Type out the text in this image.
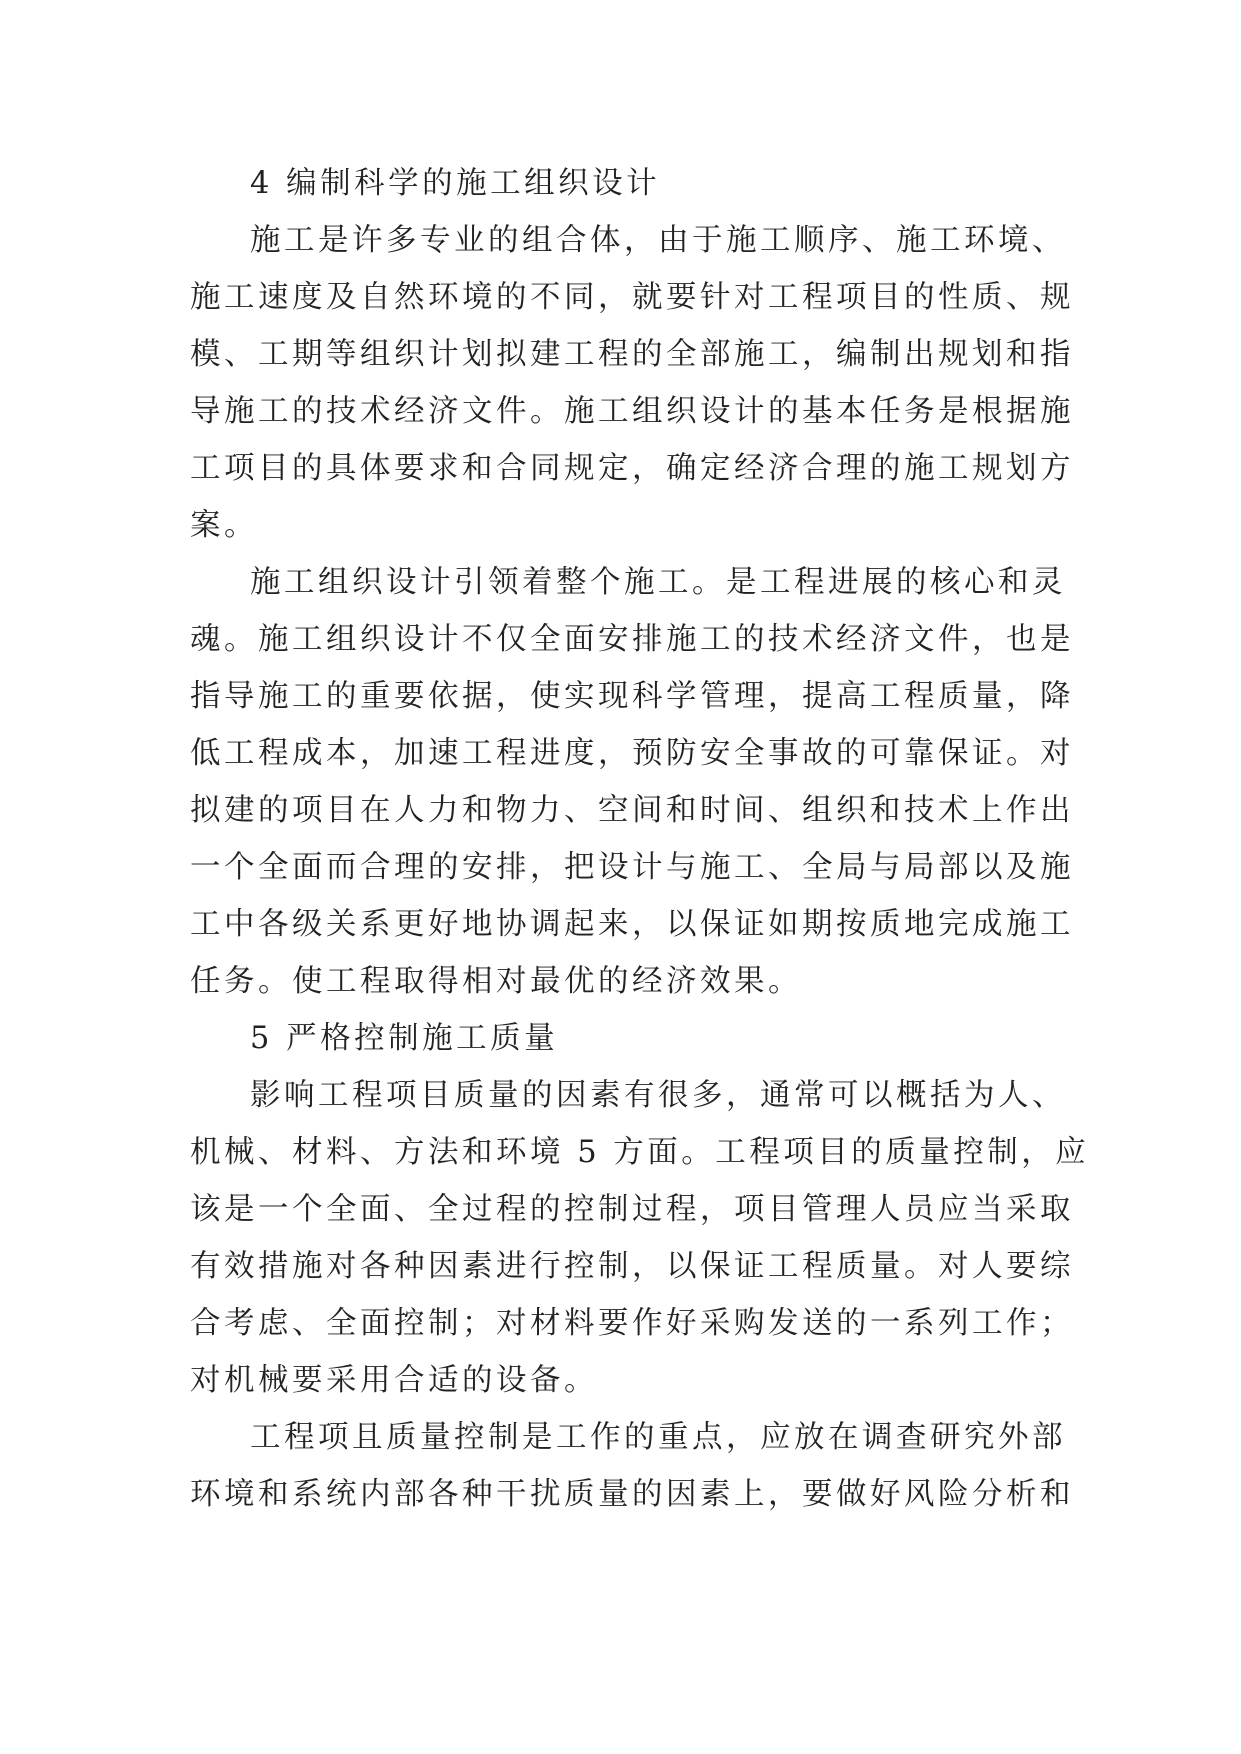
4 编制科学的施工组织设计
施工是许多专业的组合体，由于施工顺序、施工环境、
施工速度及自然环境的不同，就要针对工程项目的性质、规
模、工期等组织计划拟建工程的全部施工，编制出规划和指
导施工的技术经济文件。施工组织设计的基本任务是根据施
工项目的具体要求和合同规定，确定经济合理的施工规划方
案。
施工组织设计引领着整个施工。是工程进展的核心和灵
魂。施工组织设计不仅全面安排施工的技术经济文件，也是
指导施工的重要依据，使实现科学管理，提高工程质量，降
低工程成本，加速工程进度，预防安全事故的可靠保证。对
拟建的项目在人力和物力、空间和时间、组织和技术上作出
一个全面而合理的安排，把设计与施工、全局与局部以及施
工中各级关系更好地协调起来，以保证如期按质地完成施工
任务。使工程取得相对最优的经济效果。
5 严格控制施工质量
影响工程项目质量的因素有很多，通常可以概括为人、
机械、材料、方法和环境 5 方面。工程项目的质量控制，应
该是一个全面、全过程的控制过程，项目管理人员应当采取
有效措施对各种因素进行控制，以保证工程质量。对人要综
合考虑、全面控制；对材料要作好采购发送的一系列工作；
对机械要采用合适的设备。
工程项且质量控制是工作的重点，应放在调查研究外部
环境和系统内部各种干扰质量的因素上，要做好风险分析和
